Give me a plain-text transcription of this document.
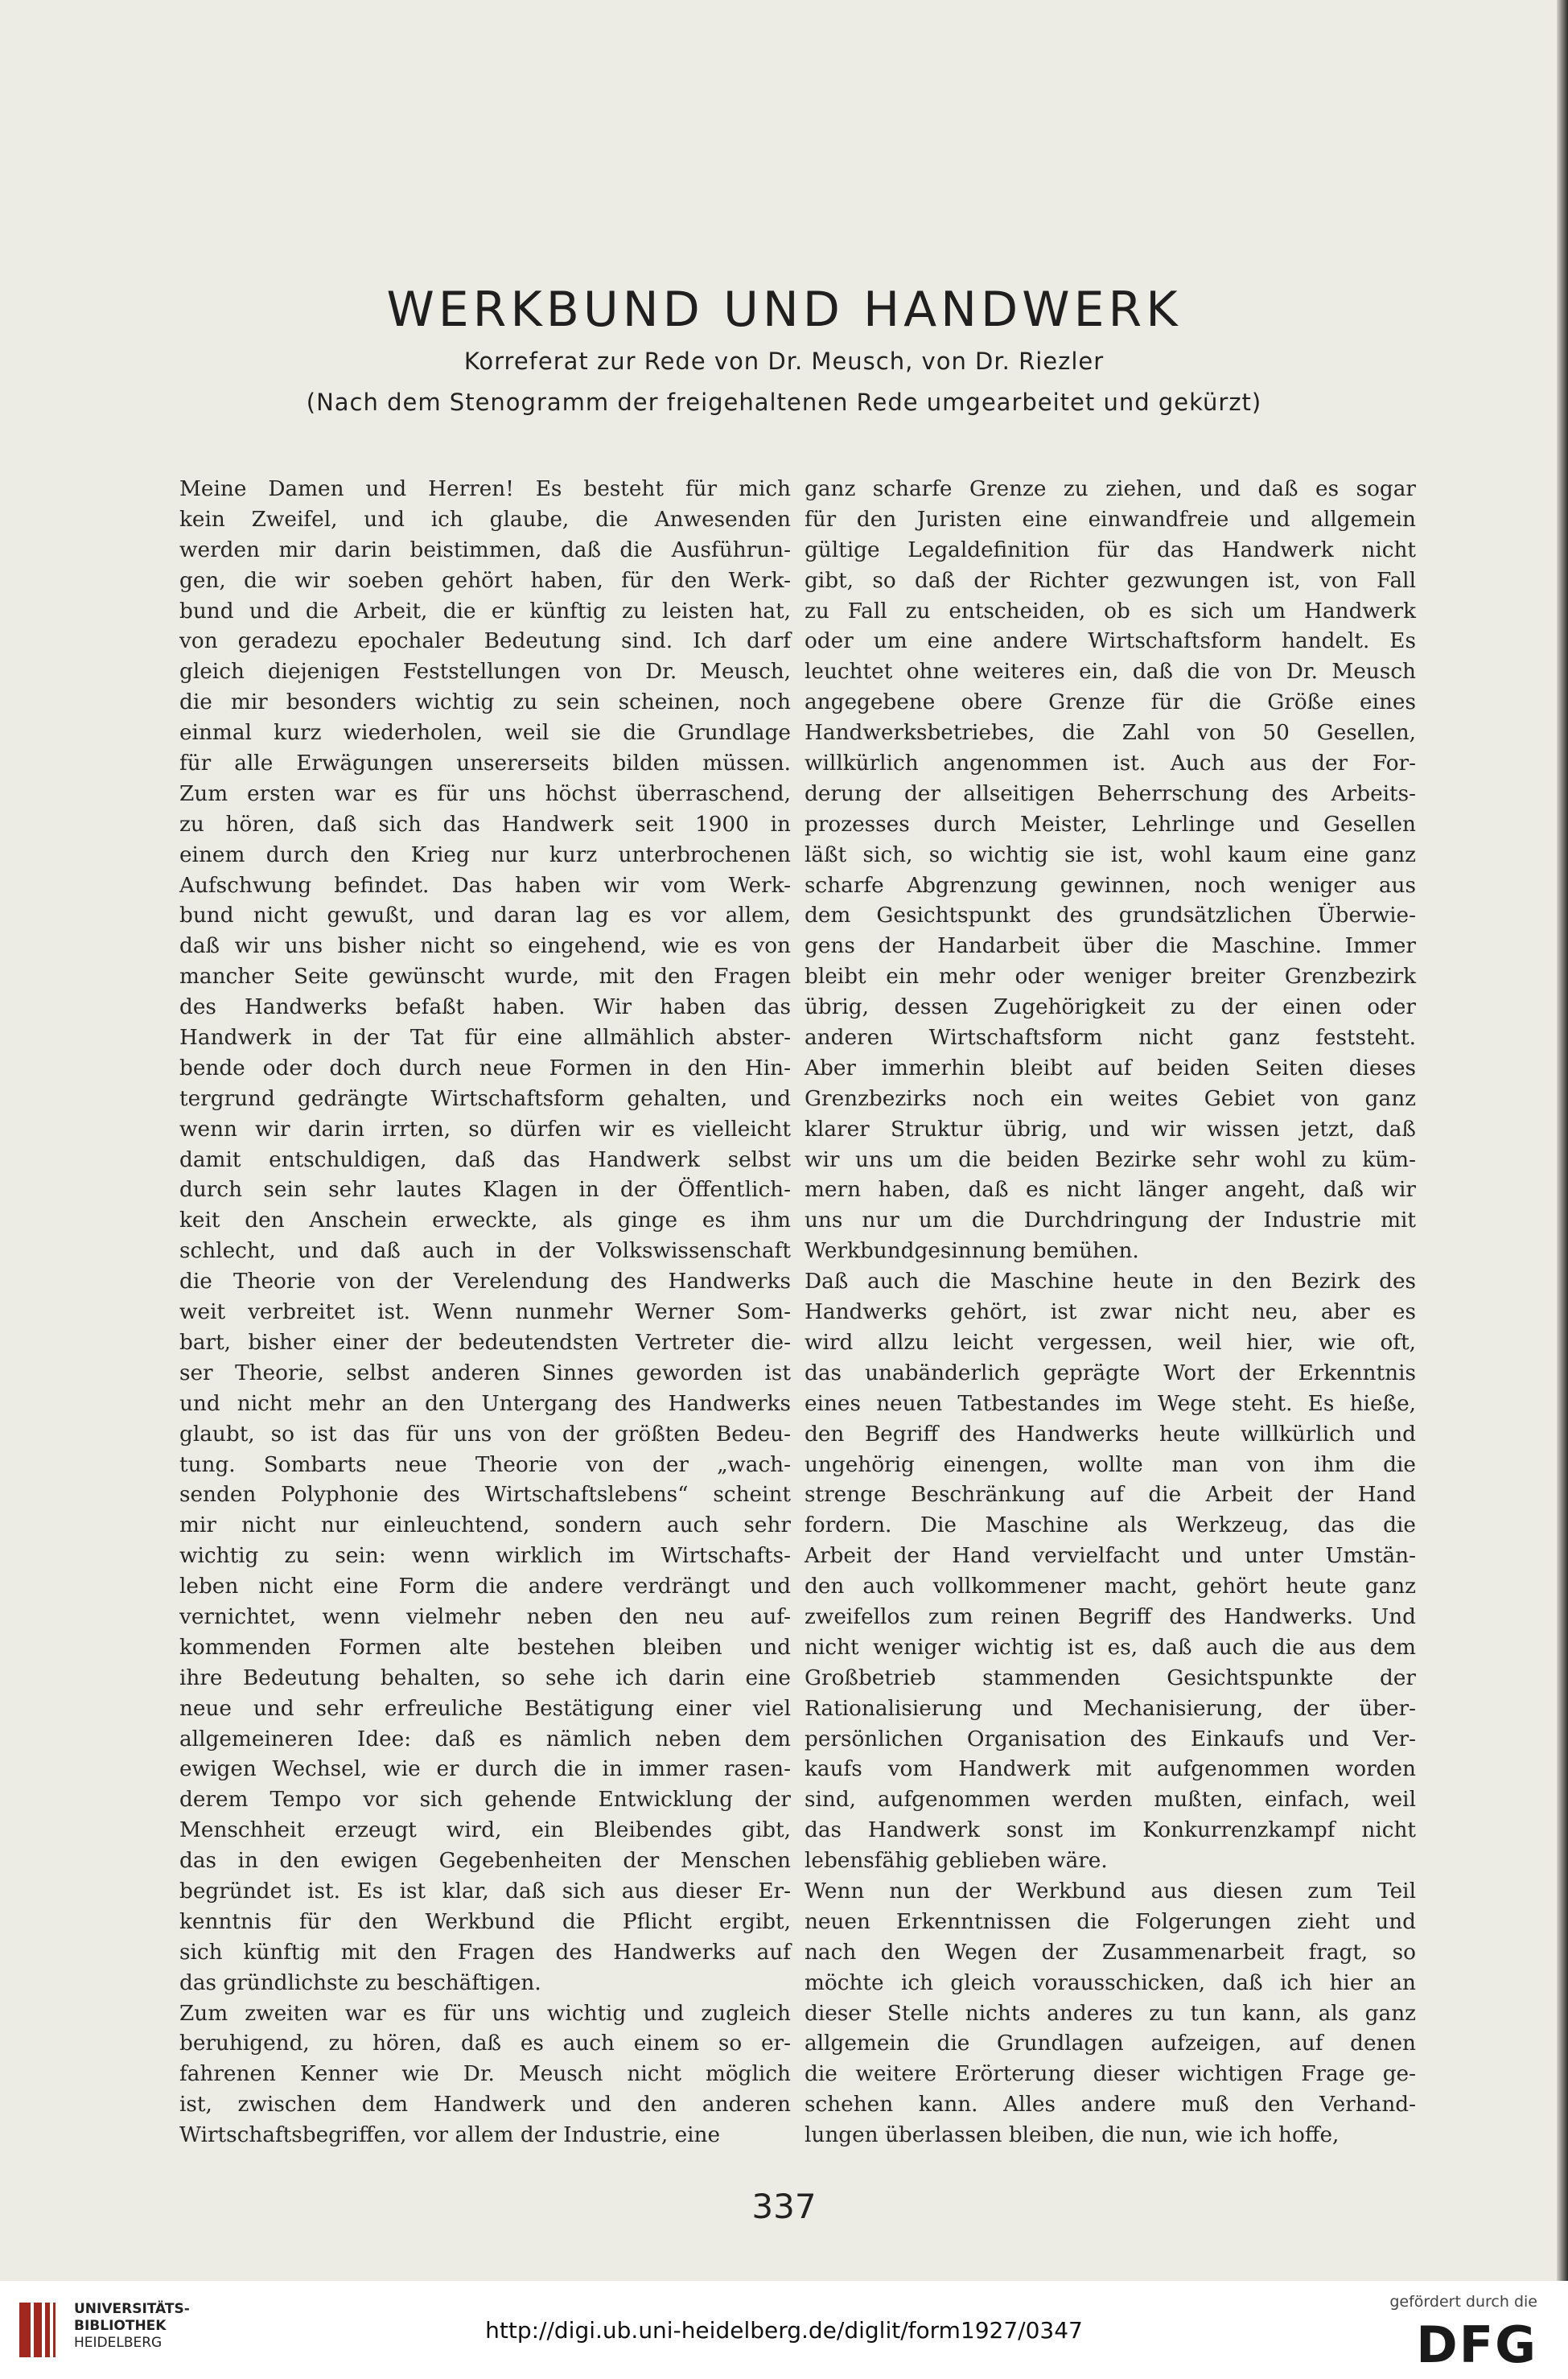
WERKBUND UND HANDWERK
Korreferat zur Rede von Dr. Meusch, von Dr. Riezler
(Nach dem Stenogramm der freigehaltenen Rede umgearbeitet und gekürzt)
Meine Damen und Herren! Es besteht für mich
kein Zweifel, und ich glaube, die Anwesenden
werden mir darin beistimmen, daß die Ausführun-
gen, die wir soeben gehört haben, für den Werk-
bund und die Arbeit, die er künftig zu leisten hat,
von geradezu epochaler Bedeutung sind. Ich darf
gleich diejenigen Feststellungen von Dr. Meusch,
die mir besonders wichtig zu sein scheinen, noch
einmal kurz wiederholen, weil sie die Grundlage
für alle Erwägungen unsererseits bilden müssen.
Zum ersten war es für uns höchst überraschend,
zu hören, daß sich das Handwerk seit 1900 in
einem durch den Krieg nur kurz unterbrochenen
Aufschwung befindet. Das haben wir vom Werk-
bund nicht gewußt, und daran lag es vor allem,
daß wir uns bisher nicht so eingehend, wie es von
mancher Seite gewünscht wurde, mit den Fragen
des Handwerks befaßt haben. Wir haben das
Handwerk in der Tat für eine allmählich abster-
bende oder doch durch neue Formen in den Hin-
tergrund gedrängte Wirtschaftsform gehalten, und
wenn wir darin irrten, so dürfen wir es vielleicht
damit entschuldigen, daß das Handwerk selbst
durch sein sehr lautes Klagen in der Öffentlich-
keit den Anschein erweckte, als ginge es ihm
schlecht, und daß auch in der Volkswissenschaft
die Theorie von der Verelendung des Handwerks
weit verbreitet ist. Wenn nunmehr Werner Som-
bart, bisher einer der bedeutendsten Vertreter die-
ser Theorie, selbst anderen Sinnes geworden ist
und nicht mehr an den Untergang des Handwerks
glaubt, so ist das für uns von der größten Bedeu-
tung. Sombarts neue Theorie von der „wach-
senden Polyphonie des Wirtschaftslebens“ scheint
mir nicht nur einleuchtend, sondern auch sehr
wichtig zu sein: wenn wirklich im Wirtschafts-
leben nicht eine Form die andere verdrängt und
vernichtet, wenn vielmehr neben den neu auf-
kommenden Formen alte bestehen bleiben und
ihre Bedeutung behalten, so sehe ich darin eine
neue und sehr erfreuliche Bestätigung einer viel
allgemeineren Idee: daß es nämlich neben dem
ewigen Wechsel, wie er durch die in immer rasen-
derem Tempo vor sich gehende Entwicklung der
Menschheit erzeugt wird, ein Bleibendes gibt,
das in den ewigen Gegebenheiten der Menschen
begründet ist. Es ist klar, daß sich aus dieser Er-
kenntnis für den Werkbund die Pflicht ergibt,
sich künftig mit den Fragen des Handwerks auf
das gründlichste zu beschäftigen.
Zum zweiten war es für uns wichtig und zugleich
beruhigend, zu hören, daß es auch einem so er-
fahrenen Kenner wie Dr. Meusch nicht möglich
ist, zwischen dem Handwerk und den anderen
Wirtschaftsbegriffen, vor allem der Industrie, eine
ganz scharfe Grenze zu ziehen, und daß es sogar
für den Juristen eine einwandfreie und allgemein
gültige Legaldefinition für das Handwerk nicht
gibt, so daß der Richter gezwungen ist, von Fall
zu Fall zu entscheiden, ob es sich um Handwerk
oder um eine andere Wirtschaftsform handelt. Es
leuchtet ohne weiteres ein, daß die von Dr. Meusch
angegebene obere Grenze für die Größe eines
Handwerksbetriebes, die Zahl von 50 Gesellen,
willkürlich angenommen ist. Auch aus der For-
derung der allseitigen Beherrschung des Arbeits-
prozesses durch Meister, Lehrlinge und Gesellen
läßt sich, so wichtig sie ist, wohl kaum eine ganz
scharfe Abgrenzung gewinnen, noch weniger aus
dem Gesichtspunkt des grundsätzlichen Überwie-
gens der Handarbeit über die Maschine. Immer
bleibt ein mehr oder weniger breiter Grenzbezirk
übrig, dessen Zugehörigkeit zu der einen oder
anderen Wirtschaftsform nicht ganz feststeht.
Aber immerhin bleibt auf beiden Seiten dieses
Grenzbezirks noch ein weites Gebiet von ganz
klarer Struktur übrig, und wir wissen jetzt, daß
wir uns um die beiden Bezirke sehr wohl zu küm-
mern haben, daß es nicht länger angeht, daß wir
uns nur um die Durchdringung der Industrie mit
Werkbundgesinnung bemühen.
Daß auch die Maschine heute in den Bezirk des
Handwerks gehört, ist zwar nicht neu, aber es
wird allzu leicht vergessen, weil hier, wie oft,
das unabänderlich geprägte Wort der Erkenntnis
eines neuen Tatbestandes im Wege steht. Es hieße,
den Begriff des Handwerks heute willkürlich und
ungehörig einengen, wollte man von ihm die
strenge Beschränkung auf die Arbeit der Hand
fordern. Die Maschine als Werkzeug, das die
Arbeit der Hand vervielfacht und unter Umstän-
den auch vollkommener macht, gehört heute ganz
zweifellos zum reinen Begriff des Handwerks. Und
nicht weniger wichtig ist es, daß auch die aus dem
Großbetrieb stammenden Gesichtspunkte der
Rationalisierung und Mechanisierung, der über-
persönlichen Organisation des Einkaufs und Ver-
kaufs vom Handwerk mit aufgenommen worden
sind, aufgenommen werden mußten, einfach, weil
das Handwerk sonst im Konkurrenzkampf nicht
lebensfähig geblieben wäre.
Wenn nun der Werkbund aus diesen zum Teil
neuen Erkenntnissen die Folgerungen zieht und
nach den Wegen der Zusammenarbeit fragt, so
möchte ich gleich vorausschicken, daß ich hier an
dieser Stelle nichts anderes zu tun kann, als ganz
allgemein die Grundlagen aufzeigen, auf denen
die weitere Erörterung dieser wichtigen Frage ge-
schehen kann. Alles andere muß den Verhand-
lungen überlassen bleiben, die nun, wie ich hoffe,
337
UNIVERSITÄTS-
BIBLIOTHEK
HEIDELBERG	http://digi.ub.uni-heidelberg.de/diglit/form1927/0347
gefördert durch die
DFG
